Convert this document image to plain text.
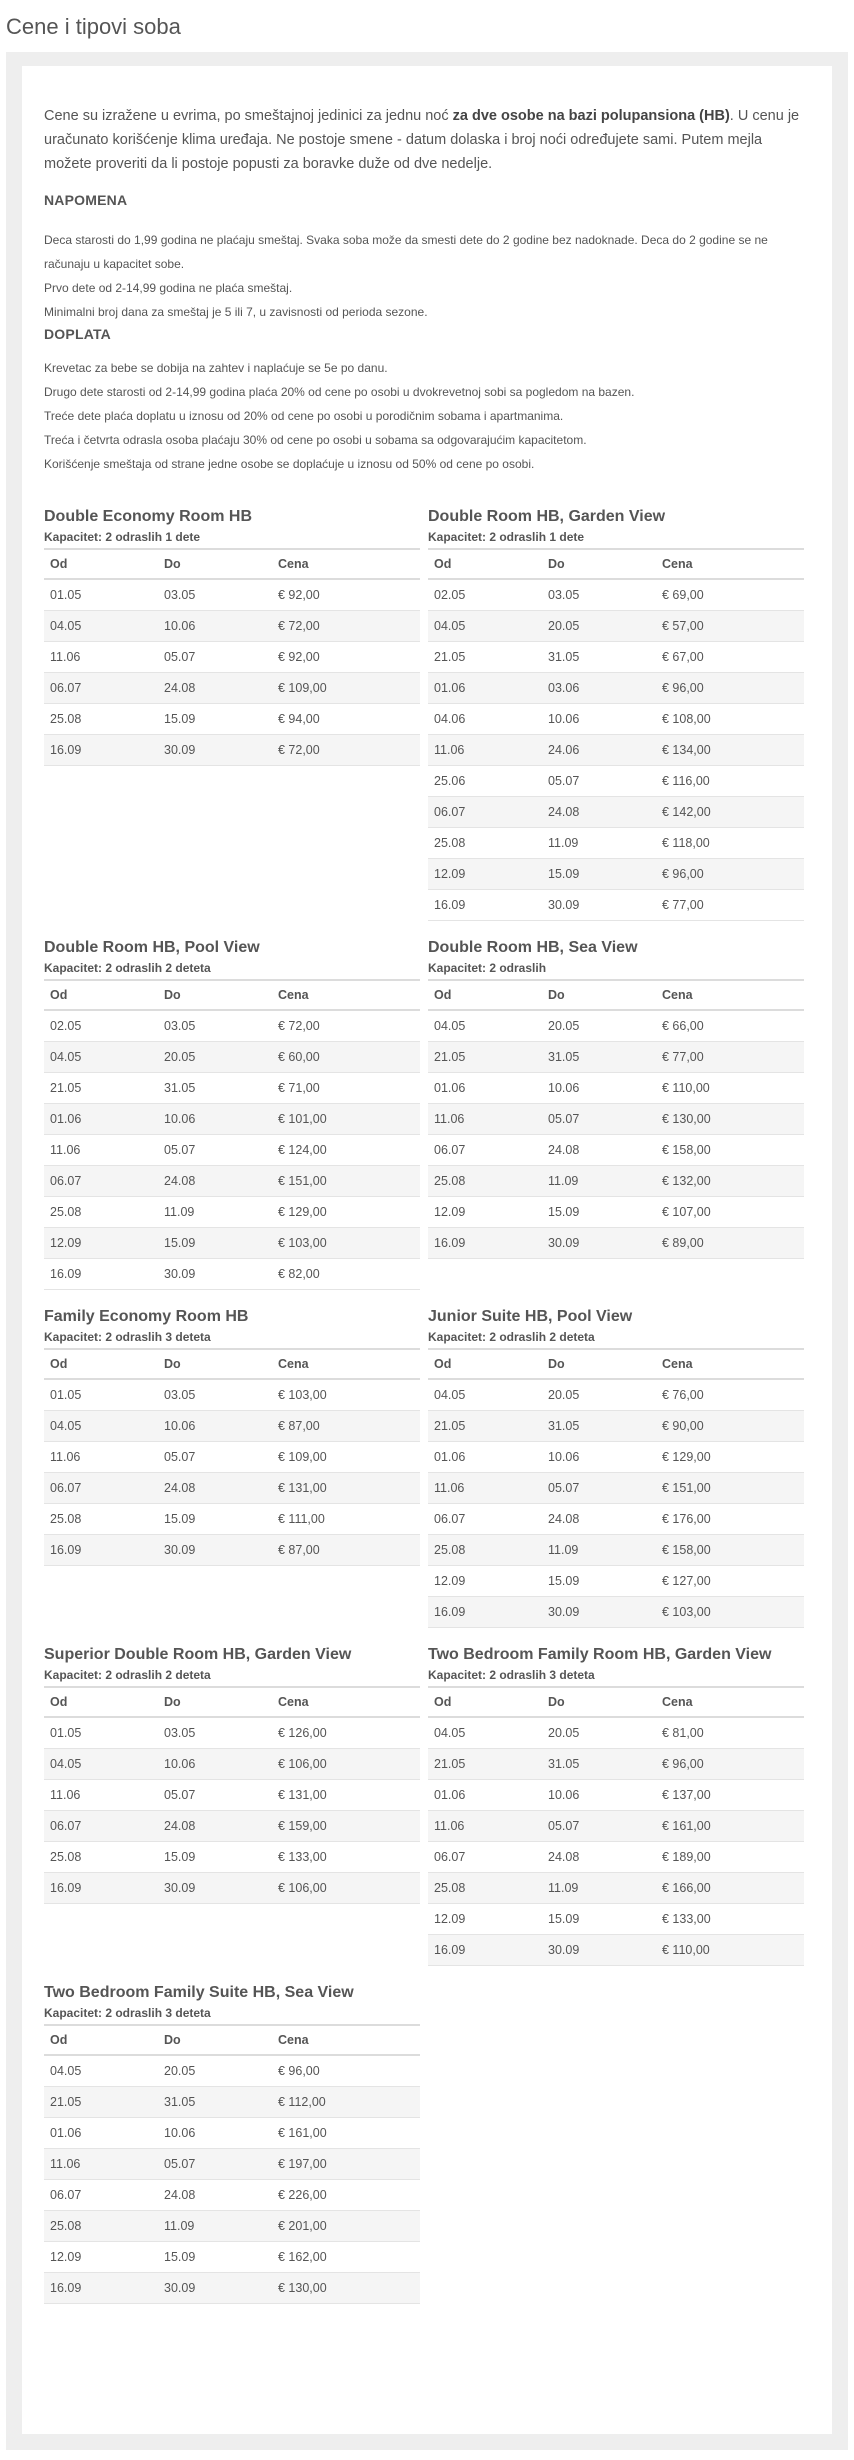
Cene i tipovi soba

Cene su izražene u evrima, po smeštajnoj jedinici za jednu noć za dve osobe na bazi polupansiona (HB). U cenu je uračunato korišćenje klima uređaja. Ne postoje smene - datum dolaska i broj noći određujete sami. Putem mejla možete proveriti da li postoje popusti za boravke duže od dve nedelje.

NAPOMENA
Deca starosti do 1,99 godina ne plaćaju smeštaj. Svaka soba može da smesti dete do 2 godine bez nadoknade. Deca do 2 godine se ne računaju u kapacitet sobe.
Prvo dete od 2-14,99 godina ne plaća smeštaj.
Minimalni broj dana za smeštaj je 5 ili 7, u zavisnosti od perioda sezone.
DOPLATA
Krevetac za bebe se dobija na zahtev i naplaćuje se 5e po danu.
Drugo dete starosti od 2-14,99 godina plaća 20% od cene po osobi u dvokrevetnoj sobi sa pogledom na bazen.
Treće dete plaća doplatu u iznosu od 20% od cene po osobi u porodičnim sobama i apartmanima.
Treća i četvrta odrasla osoba plaćaju 30% od cene po osobi u sobama sa odgovarajućim kapacitetom.
Korišćenje smeštaja od strane jedne osobe se doplaćuje u iznosu od 50% od cene po osobi.
Double Economy Room HB
Kapacitet: 2 odraslih 1 dete
Od	Do	Cena
01.05	03.05	€ 92,00
04.05	10.06	€ 72,00
11.06	05.07	€ 92,00
06.07	24.08	€ 109,00
25.08	15.09	€ 94,00
16.09	30.09	€ 72,00
Double Room HB, Garden View
Kapacitet: 2 odraslih 1 dete
Od	Do	Cena
02.05	03.05	€ 69,00
04.05	20.05	€ 57,00
21.05	31.05	€ 67,00
01.06	03.06	€ 96,00
04.06	10.06	€ 108,00
11.06	24.06	€ 134,00
25.06	05.07	€ 116,00
06.07	24.08	€ 142,00
25.08	11.09	€ 118,00
12.09	15.09	€ 96,00
16.09	30.09	€ 77,00
Double Room HB, Pool View
Kapacitet: 2 odraslih 2 deteta
Od	Do	Cena
02.05	03.05	€ 72,00
04.05	20.05	€ 60,00
21.05	31.05	€ 71,00
01.06	10.06	€ 101,00
11.06	05.07	€ 124,00
06.07	24.08	€ 151,00
25.08	11.09	€ 129,00
12.09	15.09	€ 103,00
16.09	30.09	€ 82,00
Double Room HB, Sea View
Kapacitet: 2 odraslih
Od	Do	Cena
04.05	20.05	€ 66,00
21.05	31.05	€ 77,00
01.06	10.06	€ 110,00
11.06	05.07	€ 130,00
06.07	24.08	€ 158,00
25.08	11.09	€ 132,00
12.09	15.09	€ 107,00
16.09	30.09	€ 89,00
Family Economy Room HB
Kapacitet: 2 odraslih 3 deteta
Od	Do	Cena
01.05	03.05	€ 103,00
04.05	10.06	€ 87,00
11.06	05.07	€ 109,00
06.07	24.08	€ 131,00
25.08	15.09	€ 111,00
16.09	30.09	€ 87,00
Junior Suite HB, Pool View
Kapacitet: 2 odraslih 2 deteta
Od	Do	Cena
04.05	20.05	€ 76,00
21.05	31.05	€ 90,00
01.06	10.06	€ 129,00
11.06	05.07	€ 151,00
06.07	24.08	€ 176,00
25.08	11.09	€ 158,00
12.09	15.09	€ 127,00
16.09	30.09	€ 103,00
Superior Double Room HB, Garden View
Kapacitet: 2 odraslih 2 deteta
Od	Do	Cena
01.05	03.05	€ 126,00
04.05	10.06	€ 106,00
11.06	05.07	€ 131,00
06.07	24.08	€ 159,00
25.08	15.09	€ 133,00
16.09	30.09	€ 106,00
Two Bedroom Family Room HB, Garden View
Kapacitet: 2 odraslih 3 deteta
Od	Do	Cena
04.05	20.05	€ 81,00
21.05	31.05	€ 96,00
01.06	10.06	€ 137,00
11.06	05.07	€ 161,00
06.07	24.08	€ 189,00
25.08	11.09	€ 166,00
12.09	15.09	€ 133,00
16.09	30.09	€ 110,00
Two Bedroom Family Suite HB, Sea View
Kapacitet: 2 odraslih 3 deteta
Od	Do	Cena
04.05	20.05	€ 96,00
21.05	31.05	€ 112,00
01.06	10.06	€ 161,00
11.06	05.07	€ 197,00
06.07	24.08	€ 226,00
25.08	11.09	€ 201,00
12.09	15.09	€ 162,00
16.09	30.09	€ 130,00
